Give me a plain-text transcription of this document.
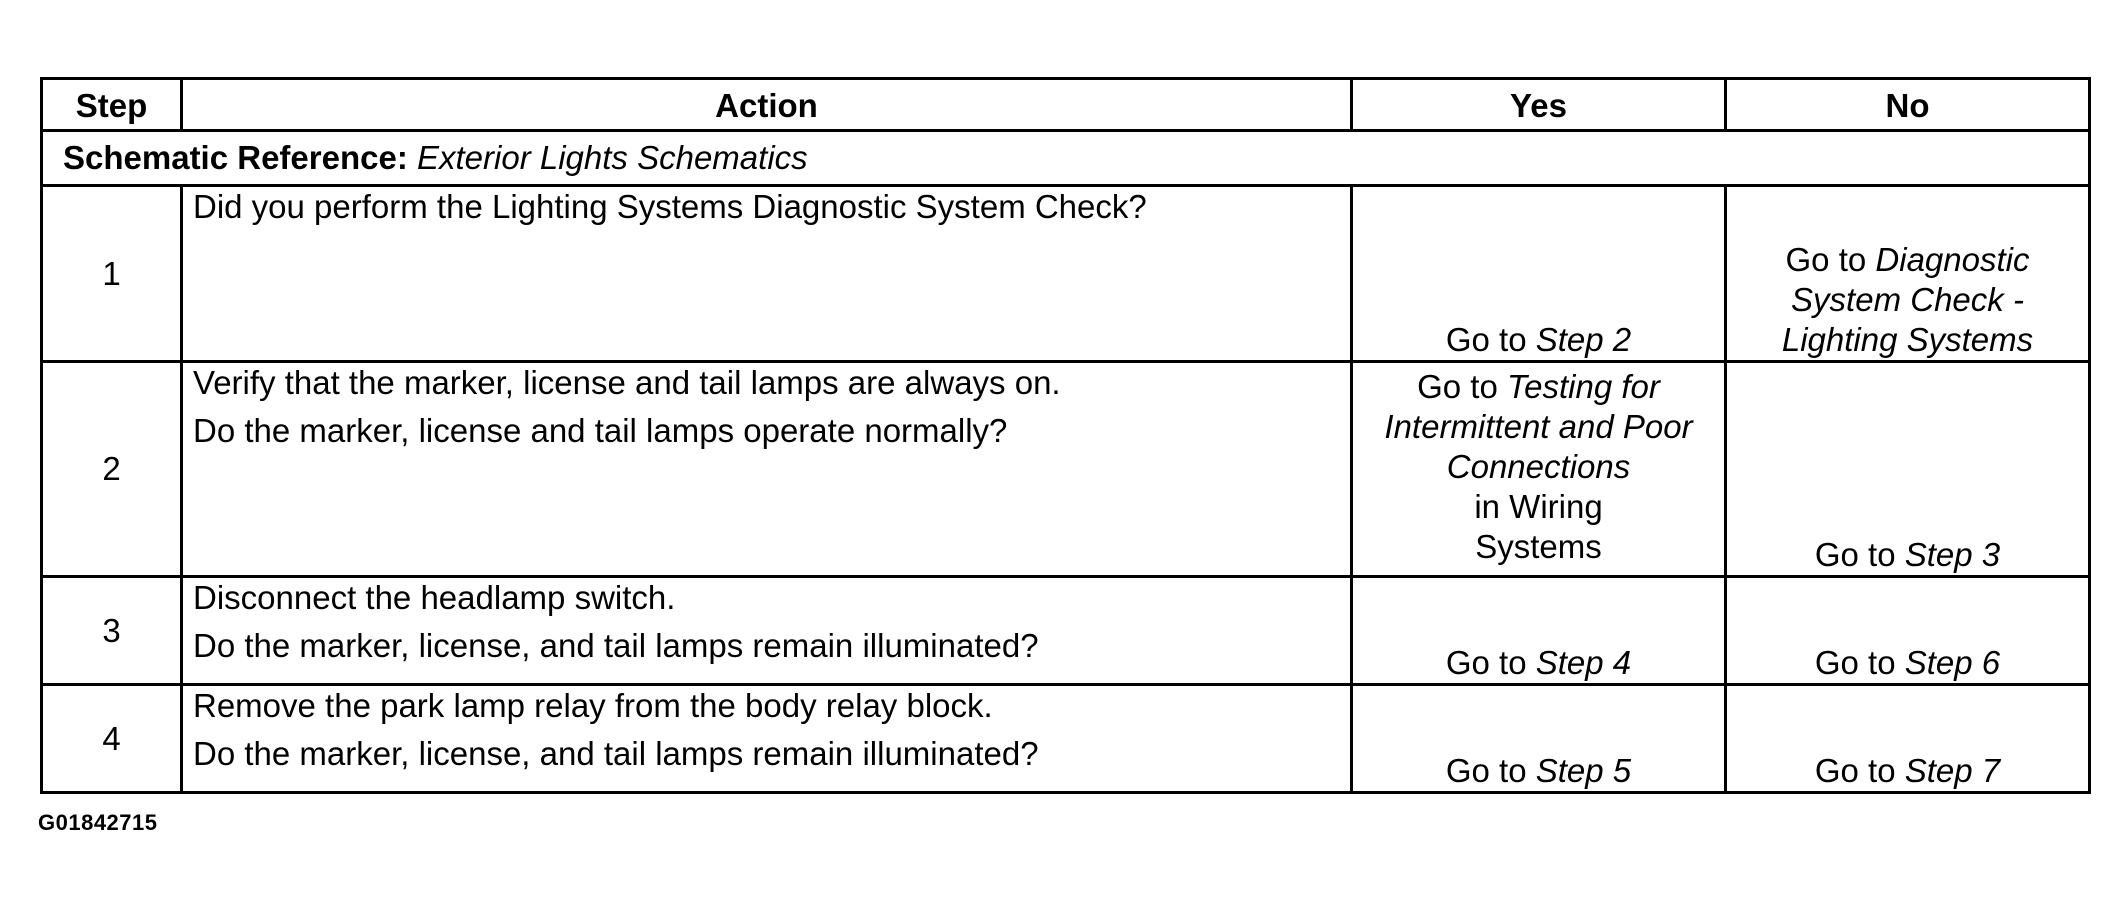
Step	Action	Yes	No
Schematic Reference: Exterior Lights Schematics			
1	Did you perform the Lighting Systems Diagnostic System Check?	Go to Step 2	Go to Diagnostic
System Check -
Lighting Systems
2	Verify that the marker, license and tail lamps are always on.
Do the marker, license and tail lamps operate normally?	Go to Testing for
Intermittent and Poor
Connections
in Wiring
Systems	Go to Step 3
3	Disconnect the headlamp switch.
Do the marker, license, and tail lamps remain illuminated?	Go to Step 4	Go to Step 6
4	Remove the park lamp relay from the body relay block.
Do the marker, license, and tail lamps remain illuminated?	Go to Step 5	Go to Step 7
G01842715
